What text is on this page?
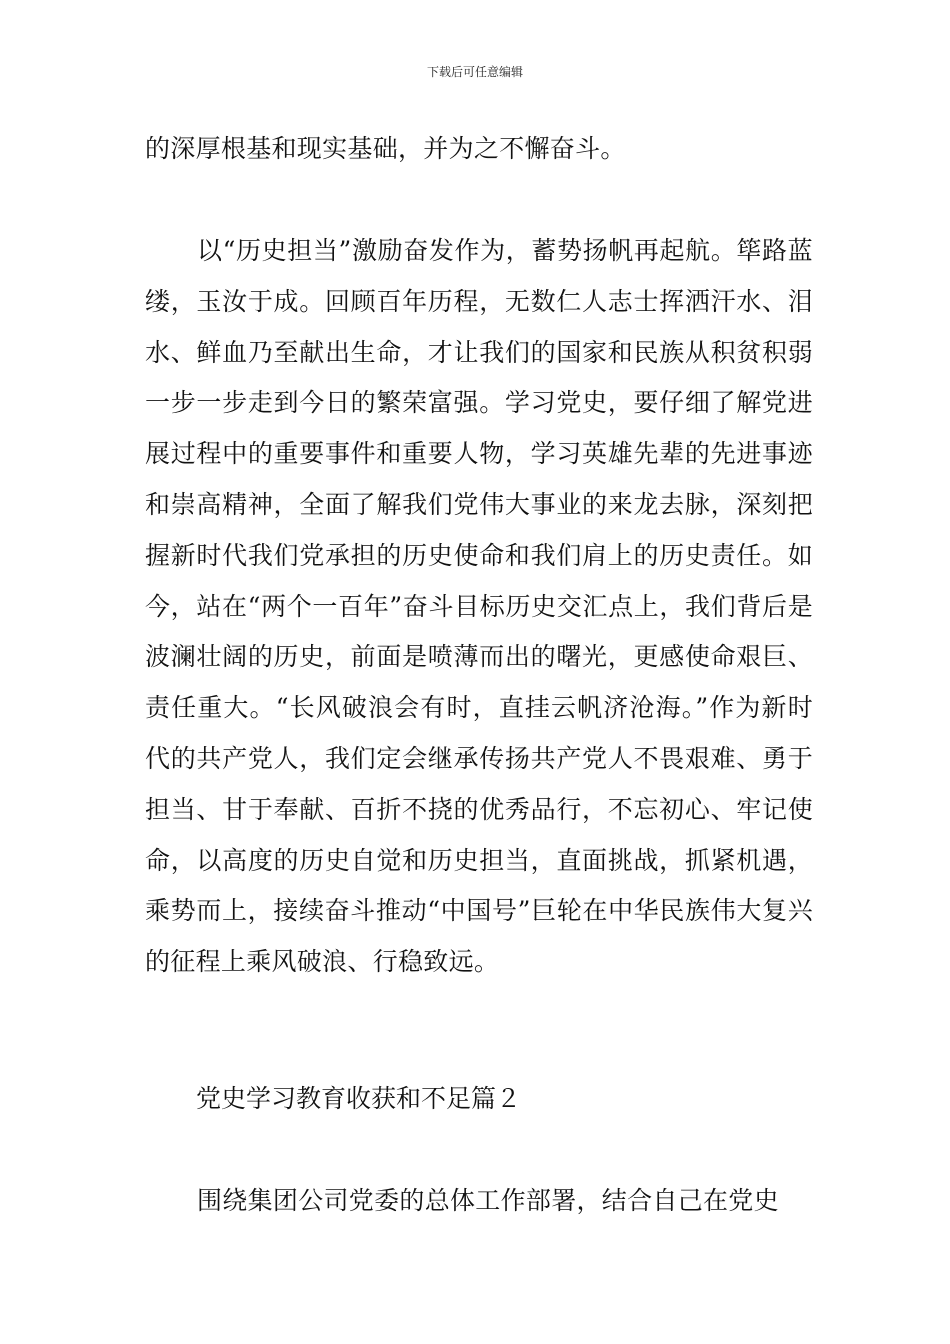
下载后可任意编辑

的深厚根基和现实基础，并为之不懈奋斗。

以“历史担当”激励奋发作为，蓄势扬帆再起航。筚路蓝缕，玉汝于成。回顾百年历程，无数仁人志士挥洒汗水、泪水、鲜血乃至献出生命，才让我们的国家和民族从积贫积弱一步一步走到今日的繁荣富强。学习党史，要仔细了解党进展过程中的重要事件和重要人物，学习英雄先辈的先进事迹和崇高精神，全面了解我们党伟大事业的来龙去脉，深刻把握新时代我们党承担的历史使命和我们肩上的历史责任。如今，站在“两个一百年”奋斗目标历史交汇点上，我们背后是波澜壮阔的历史，前面是喷薄而出的曙光，更感使命艰巨、责任重大。“长风破浪会有时，直挂云帆济沧海。”作为新时代的共产党人，我们定会继承传扬共产党人不畏艰难、勇于担当、甘于奉献、百折不挠的优秀品行，不忘初心、牢记使命，以高度的历史自觉和历史担当，直面挑战，抓紧机遇，乘势而上，接续奋斗推动“中国号”巨轮在中华民族伟大复兴的征程上乘风破浪、行稳致远。

党史学习教育收获和不足篇２

围绕集团公司党委的总体工作部署，结合自己在党史
